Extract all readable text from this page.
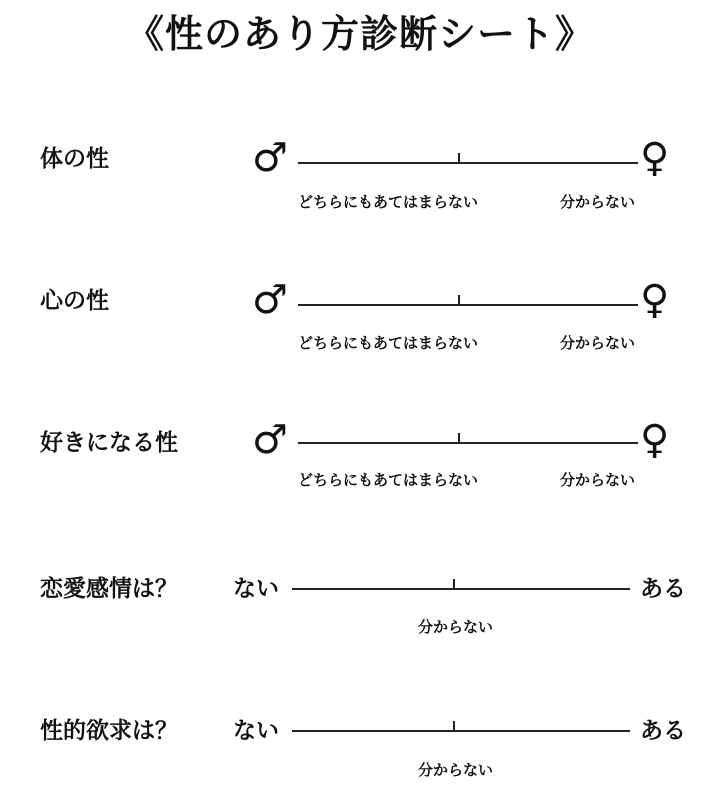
《性のあり方診断シート》
体の性	♂	♀
どちらにもあてはまらない	分からない
心の性	♂	♀
どちらにもあてはまらない	分からない
好きになる性 ♂	♀
どちらにもあてはまらない	分からない
恋愛感情は？ ない	ある
分からない
性的欲求は？ ない	ある
分からない
